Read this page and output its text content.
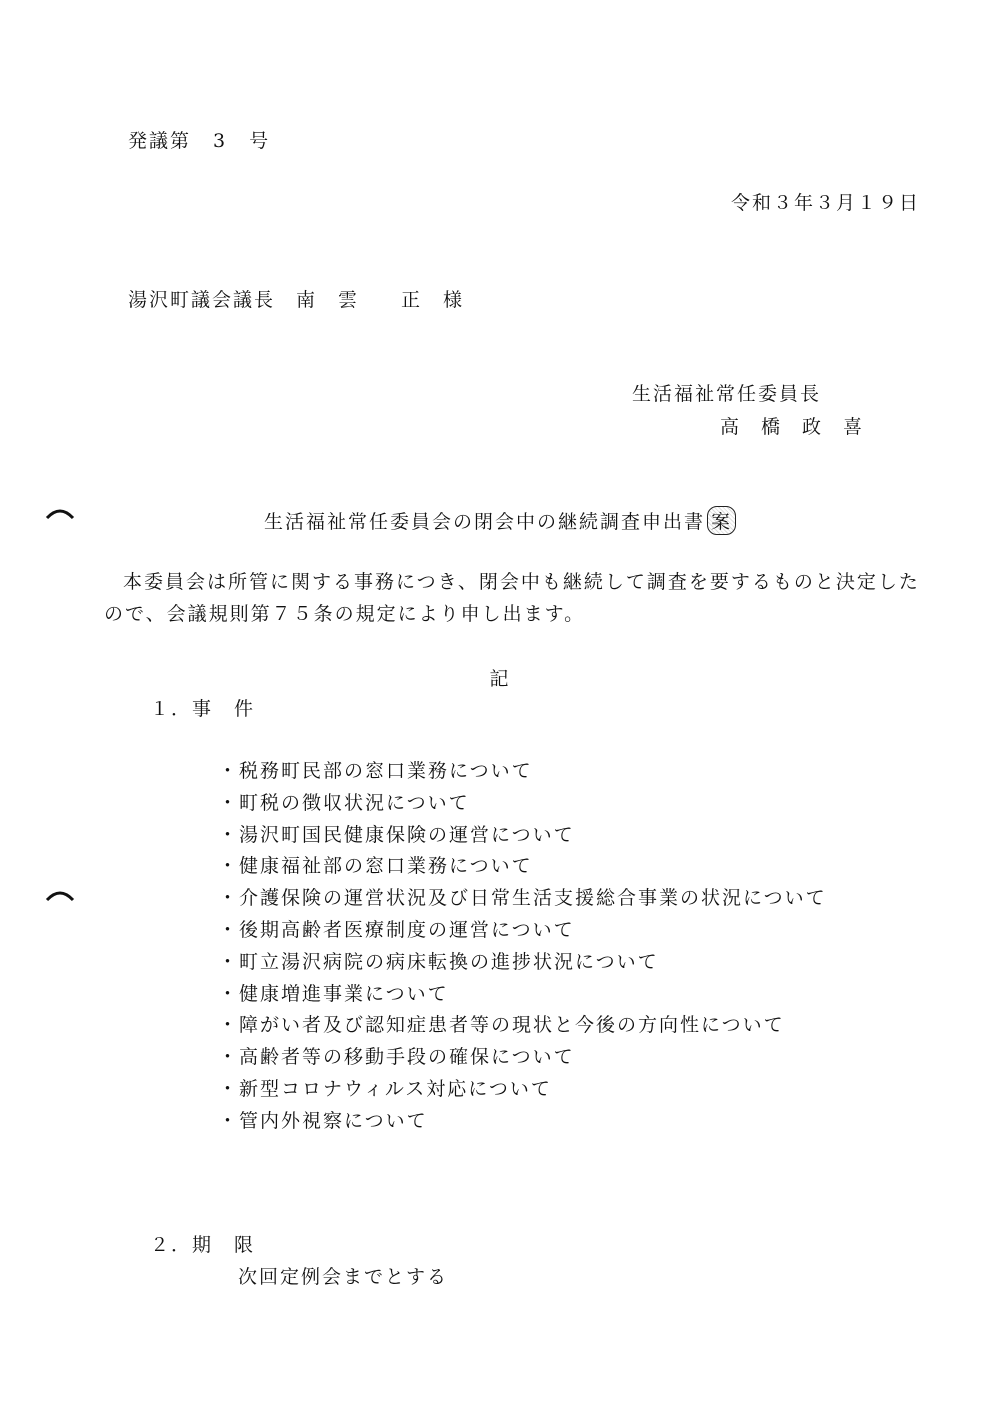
発議第 3 号
令和３年３月１９日
湯沢町議会議長　南　雲　　正　様
生活福祉常任委員長
高橋政喜
生活福祉常任委員会の閉会中の継続調査申出書 案
本委員会は所管に関する事務につき、閉会中も継続して調査を要するものと決定したので、会議規則第７５条の規定により申し出ます。
記
１．事　件
・税務町民部の窓口業務について
・町税の徴収状況について
・湯沢町国民健康保険の運営について
・健康福祉部の窓口業務について
・介護保険の運営状況及び日常生活支援総合事業の状況について
・後期高齢者医療制度の運営について
・町立湯沢病院の病床転換の進捗状況について
・健康増進事業について
・障がい者及び認知症患者等の現状と今後の方向性について
・高齢者等の移動手段の確保について
・新型コロナウィルス対応について
・管内外視察について
２．期　限
次回定例会までとする
